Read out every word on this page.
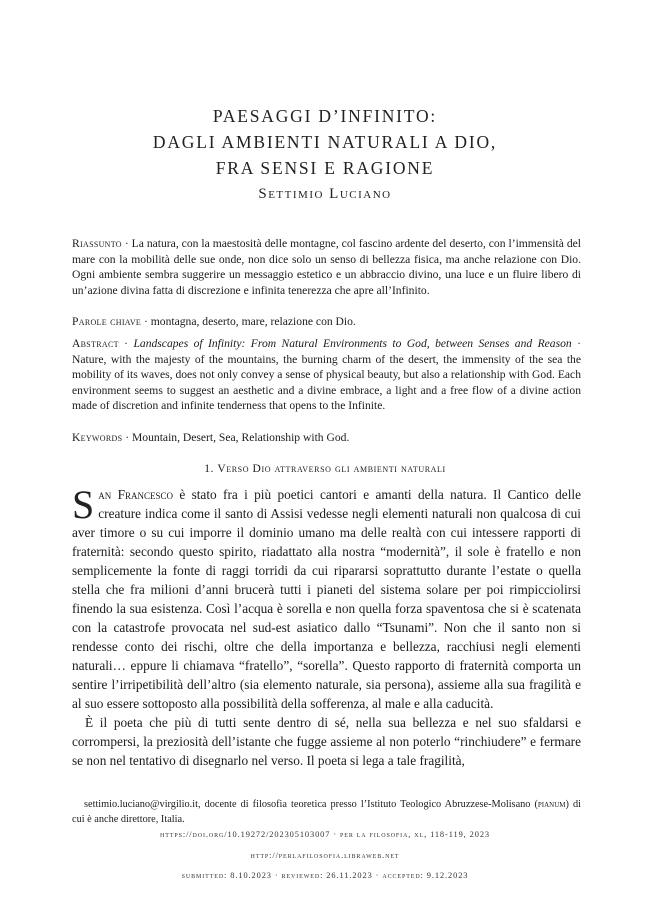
PAESAGGI D’INFINITO:
DAGLI AMBIENTI NATURALI A DIO,
FRA SENSI E RAGIONE
Settimio Luciano
Riassunto · La natura, con la maestosità delle montagne, col fascino ardente del deserto, con l’immensità del mare con la mobilità delle sue onde, non dice solo un senso di bellezza fisica, ma anche relazione con Dio. Ogni ambiente sembra suggerire un messaggio estetico e un abbraccio divino, una luce e un fluire libero di un’azione divina fatta di discrezione e infinita tenerezza che apre all’Infinito.
Parole chiave · montagna, deserto, mare, relazione con Dio.
Abstract · Landscapes of Infinity: From Natural Environments to God, between Senses and Reason · Nature, with the majesty of the mountains, the burning charm of the desert, the immensity of the sea the mobility of its waves, does not only convey a sense of physical beauty, but also a relationship with God. Each environment seems to suggest an aesthetic and a divine embrace, a light and a free flow of a divine action made of discretion and infinite tenderness that opens to the Infinite.
Keywords · Mountain, Desert, Sea, Relationship with God.
1. Verso Dio attraverso gli ambienti naturali

San Francesco è stato fra i più poetici cantori e amanti della natura. Il Cantico delle creature indica come il santo di Assisi vedesse negli elementi naturali non qualcosa di cui aver timore o su cui imporre il dominio umano ma delle realtà con cui intessere rapporti di fraternità: secondo questo spirito, riadattato alla nostra “modernità”, il sole è fratello e non semplicemente la fonte di raggi torridi da cui ripararsi soprattutto durante l’estate o quella stella che fra milioni d’anni brucerà tutti i pianeti del sistema solare per poi rimpicciolirsi finendo la sua esistenza. Così l’acqua è sorella e non quella forza spaventosa che si è scatenata con la catastrofe provocata nel sud-est asiatico dallo “Tsunami”. Non che il santo non si rendesse conto dei rischi, oltre che della importanza e bellezza, racchiusi negli elementi naturali… eppure li chiamava “fratello”, “sorella”. Questo rapporto di fraternità comporta un sentire l’irripetibilità dell’altro (sia elemento naturale, sia persona), assieme alla sua fragilità e al suo essere sottoposto alla possibilità della sofferenza, al male e alla caducità.

È il poeta che più di tutti sente dentro di sé, nella sua bellezza e nel suo sfaldarsi e corrompersi, la preziosità dell’istante che fugge assieme al non poterlo “rinchiudere” e fermare se non nel tentativo di disegnarlo nel verso. Il poeta si lega a tale fragilità,

settimio.luciano@virgilio.it, docente di filosofia teoretica presso l’Istituto Teologico Abruzzese-Molisano (pianum) di cui è anche direttore, Italia.
https://doi.org/10.19272/202305103007 · per la filosofia, xl, 118-119, 2023
http://perlafilosofia.libraweb.net
submitted: 8.10.2023 · reviewed: 26.11.2023 · accepted: 9.12.2023
